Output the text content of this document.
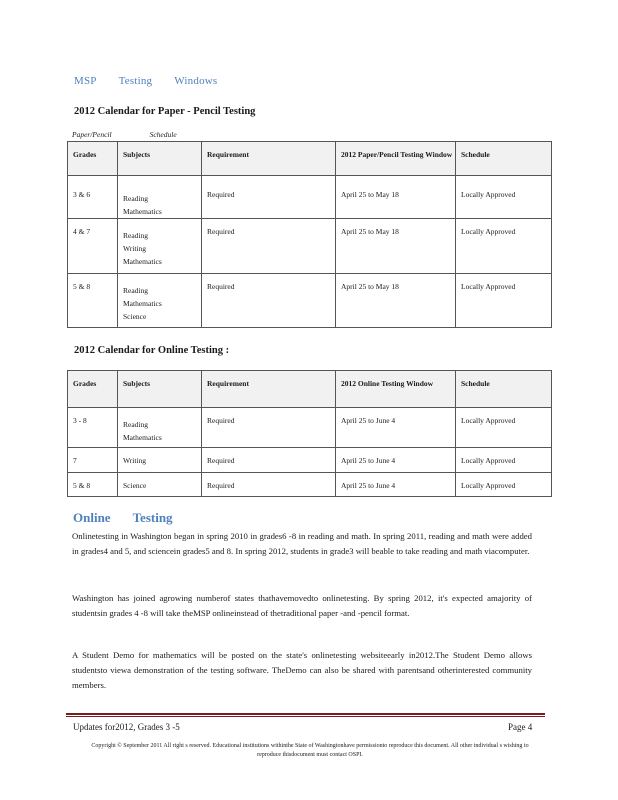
MSP Testing Windows
2012 Calendar for Paper - Pencil Testing
Paper/Pencil	Schedule
Grades	Subjects	Requirement	2012 Paper/Pencil Testing Window	Schedule
3 & 6	Reading
Mathematics	Required	April 25 to May 18	Locally Approved
4 & 7	Reading
Writing
Mathematics	Required	April 25 to May 18	Locally Approved
5 & 8	Reading
Mathematics
Science	Required	April 25 to May 18	Locally Approved
2012 Calendar for Online Testing :
Grades	Subjects	Requirement	2012 Online Testing Window	Schedule
3 - 8	Reading
Mathematics	Required	April 25 to June 4	Locally Approved
7	Writing	Required	April 25 to June 4	Locally Approved
5 & 8	Science	Required	April 25 to June 4	Locally Approved
Online Testing
Onlinetesting in Washington began in spring 2010 in grades6 -8 in reading and math. In spring 2011, reading and math were added in grades4 and 5, and sciencein grades5 and 8. In spring 2012, students in grade3 will beable to take reading and math viacomputer.
Washington has joined agrowing numberof states thathavemovedto onlinetesting. By spring 2012, it's expected amajority of studentsin grades 4 -8 will take theMSP onlineinstead of thetraditional paper -and -pencil format.
A Student Demo for mathematics will be posted on the state's onlinetesting websiteearly in2012.The Student Demo allows studentsto viewa demonstration of the testing software. TheDemo can also be shared with parentsand otherinterested community members.
Updates for2012, Grades 3 -5	Page 4
Copyright © September 2011 All right s reserved. Educational institutions withinthe State of Washingtonhave permissionto reproduce this document. All other individual s wishing to reproduce thisdocument must contact OSPI.
